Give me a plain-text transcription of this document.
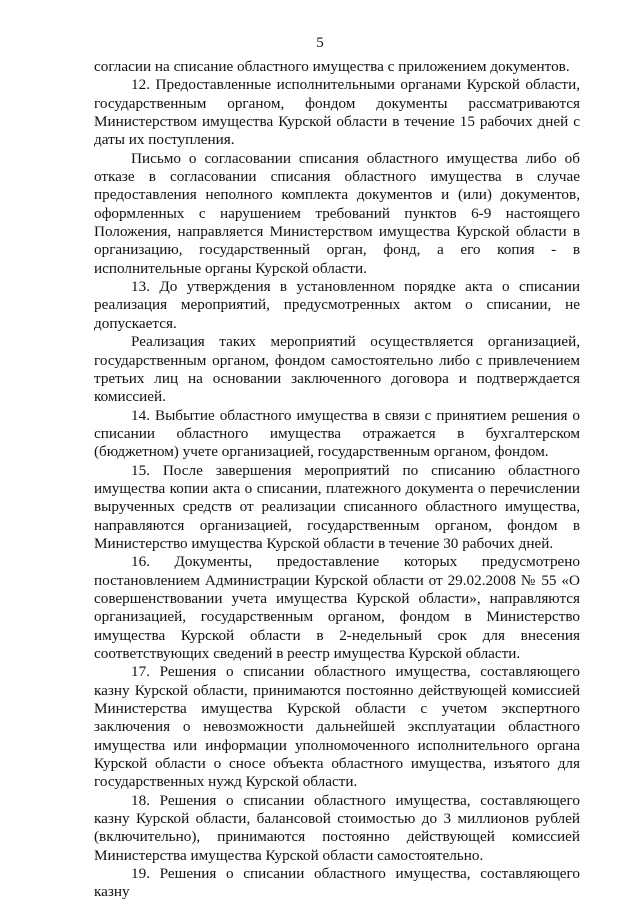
5

согласии на списание областного имущества с приложением документов.

12. Предоставленные исполнительными органами Курской области, государственным органом, фондом документы рассматриваются Министерством имущества Курской области в течение 15 рабочих дней с даты их поступления.

Письмо о согласовании списания областного имущества либо об отказе в согласовании списания областного имущества в случае предоставления неполного комплекта документов и (или) документов, оформленных с нарушением требований пунктов 6-9 настоящего Положения, направляется Министерством имущества Курской области в организацию, государственный орган, фонд, а его копия - в исполнительные органы Курской области.

13. До утверждения в установленном порядке акта о списании реализация мероприятий, предусмотренных актом о списании, не допускается.

Реализация таких мероприятий осуществляется организацией, государственным органом, фондом самостоятельно либо с привлечением третьих лиц на основании заключенного договора и подтверждается комиссией.

14. Выбытие областного имущества в связи с принятием решения о списании областного имущества отражается в бухгалтерском (бюджетном) учете организацией, государственным органом, фондом.

15. После завершения мероприятий по списанию областного имущества копии акта о списании, платежного документа о перечислении вырученных средств от реализации списанного областного имущества, направляются организацией, государственным органом, фондом в Министерство имущества Курской области в течение 30 рабочих дней.

16. Документы, предоставление которых предусмотрено постановлением Администрации Курской области от 29.02.2008 № 55 «О совершенствовании учета имущества Курской области», направляются организацией, государственным органом, фондом в Министерство имущества Курской области в 2-недельный срок для внесения соответствующих сведений в реестр имущества Курской области.

17. Решения о списании областного имущества, составляющего казну Курской области, принимаются постоянно действующей комиссией Министерства имущества Курской области с учетом экспертного заключения о невозможности дальнейшей эксплуатации областного имущества или информации уполномоченного исполнительного органа Курской области о сносе объекта областного имущества, изъятого для государственных нужд Курской области.

18. Решения о списании областного имущества, составляющего казну Курской области, балансовой стоимостью до 3 миллионов рублей (включительно), принимаются постоянно действующей комиссией Министерства имущества Курской области самостоятельно.

19. Решения о списании областного имущества, составляющего казну
